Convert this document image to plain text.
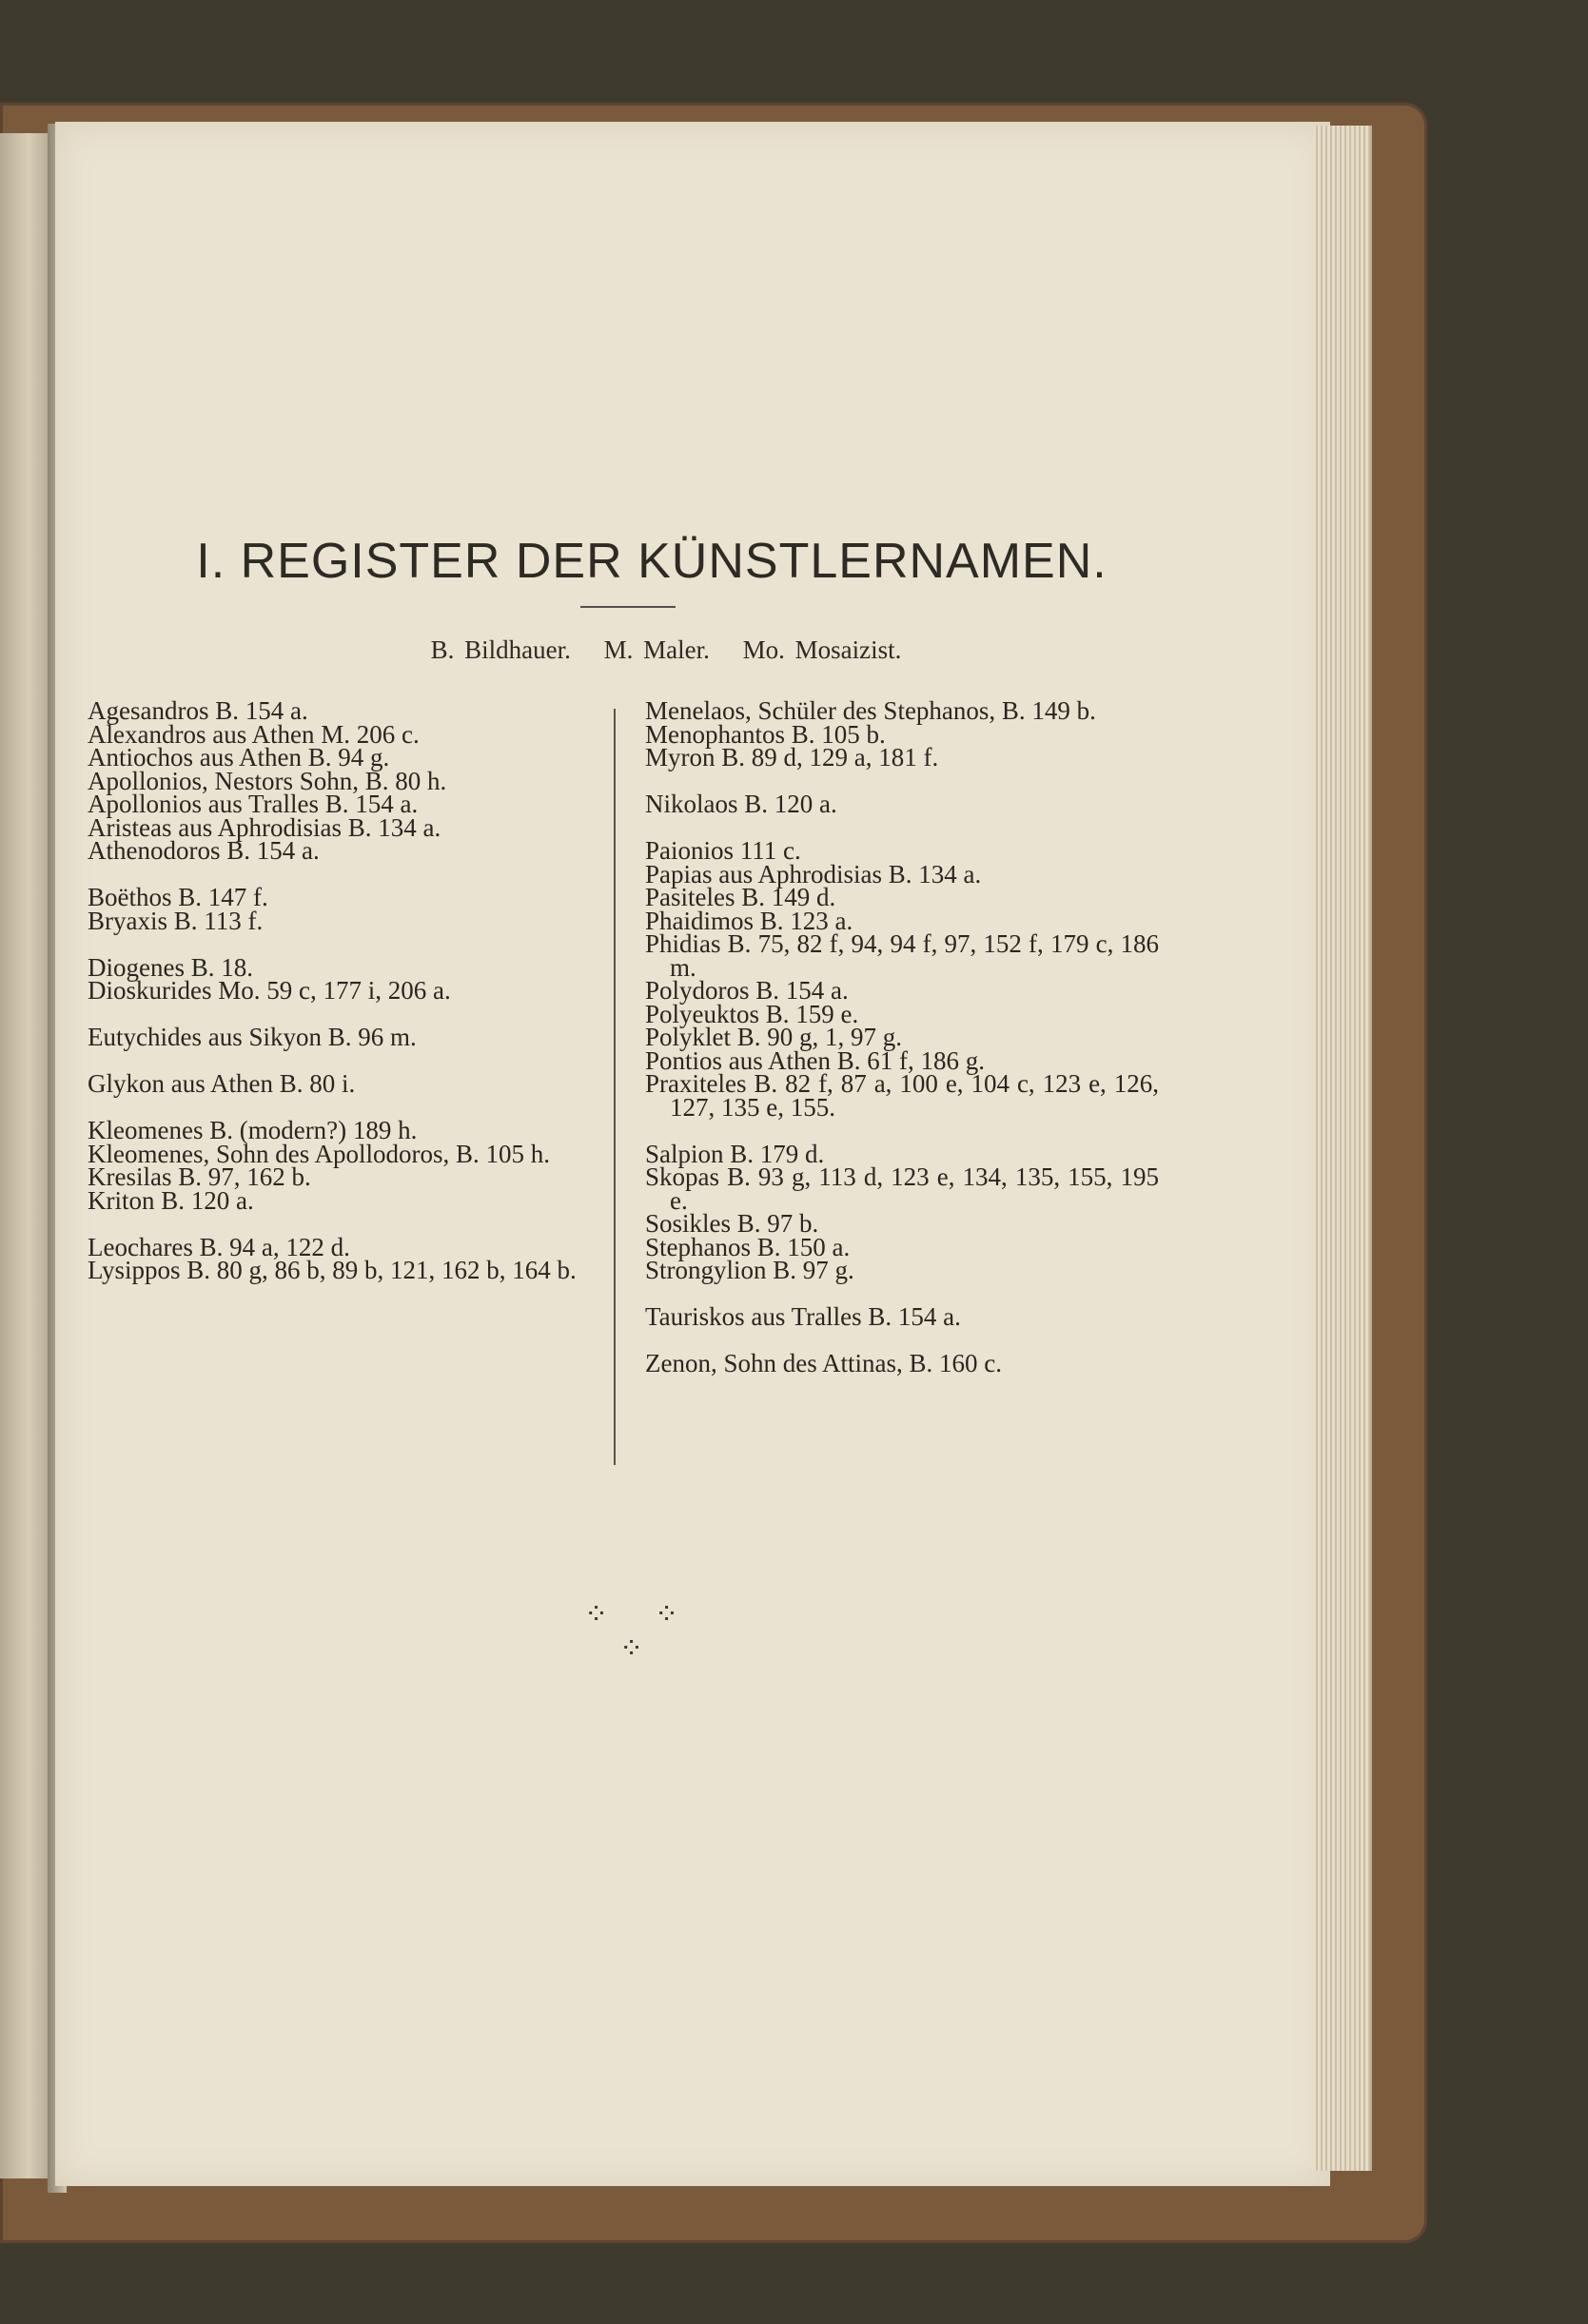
I. REGISTER DER KÜNSTLERNAMEN.
B. Bildhauer. M. Maler. Mo. Mosaizist.
Agesandros B. 154 a.
Alexandros aus Athen M. 206 c.
Antiochos aus Athen B. 94 g.
Apollonios, Nestors Sohn, B. 80 h.
Apollonios aus Tralles B. 154 a.
Aristeas aus Aphrodisias B. 134 a.
Athenodoros B. 154 a.
Boëthos B. 147 f.
Bryaxis B. 113 f.
Diogenes B. 18.
Dioskurides Mo. 59 c, 177 i, 206 a.
Eutychides aus Sikyon B. 96 m.
Glykon aus Athen B. 80 i.
Kleomenes B. (modern?) 189 h.
Kleomenes, Sohn des Apollodoros, B. 105 h.
Kresilas B. 97, 162 b.
Kriton B. 120 a.
Leochares B. 94 a, 122 d.
Lysippos B. 80 g, 86 b, 89 b, 121, 162 b, 164 b.
Menelaos, Schüler des Stephanos, B. 149 b.
Menophantos B. 105 b.
Myron B. 89 d, 129 a, 181 f.
Nikolaos B. 120 a.
Paionios 111 c.
Papias aus Aphrodisias B. 134 a.
Pasiteles B. 149 d.
Phaidimos B. 123 a.
Phidias B. 75, 82 f, 94, 94 f, 97, 152 f, 179 c, 186 m.
Polydoros B. 154 a.
Polyeuktos B. 159 e.
Polyklet B. 90 g, 1, 97 g.
Pontios aus Athen B. 61 f, 186 g.
Praxiteles B. 82 f, 87 a, 100 e, 104 c, 123 e, 126, 127, 135 e, 155.
Salpion B. 179 d.
Skopas B. 93 g, 113 d, 123 e, 134, 135, 155, 195 e.
Sosikles B. 97 b.
Stephanos B. 150 a.
Strongylion B. 97 g.
Tauriskos aus Tralles B. 154 a.
Zenon, Sohn des Attinas, B. 160 c.
⁘ ⁘
⁘
